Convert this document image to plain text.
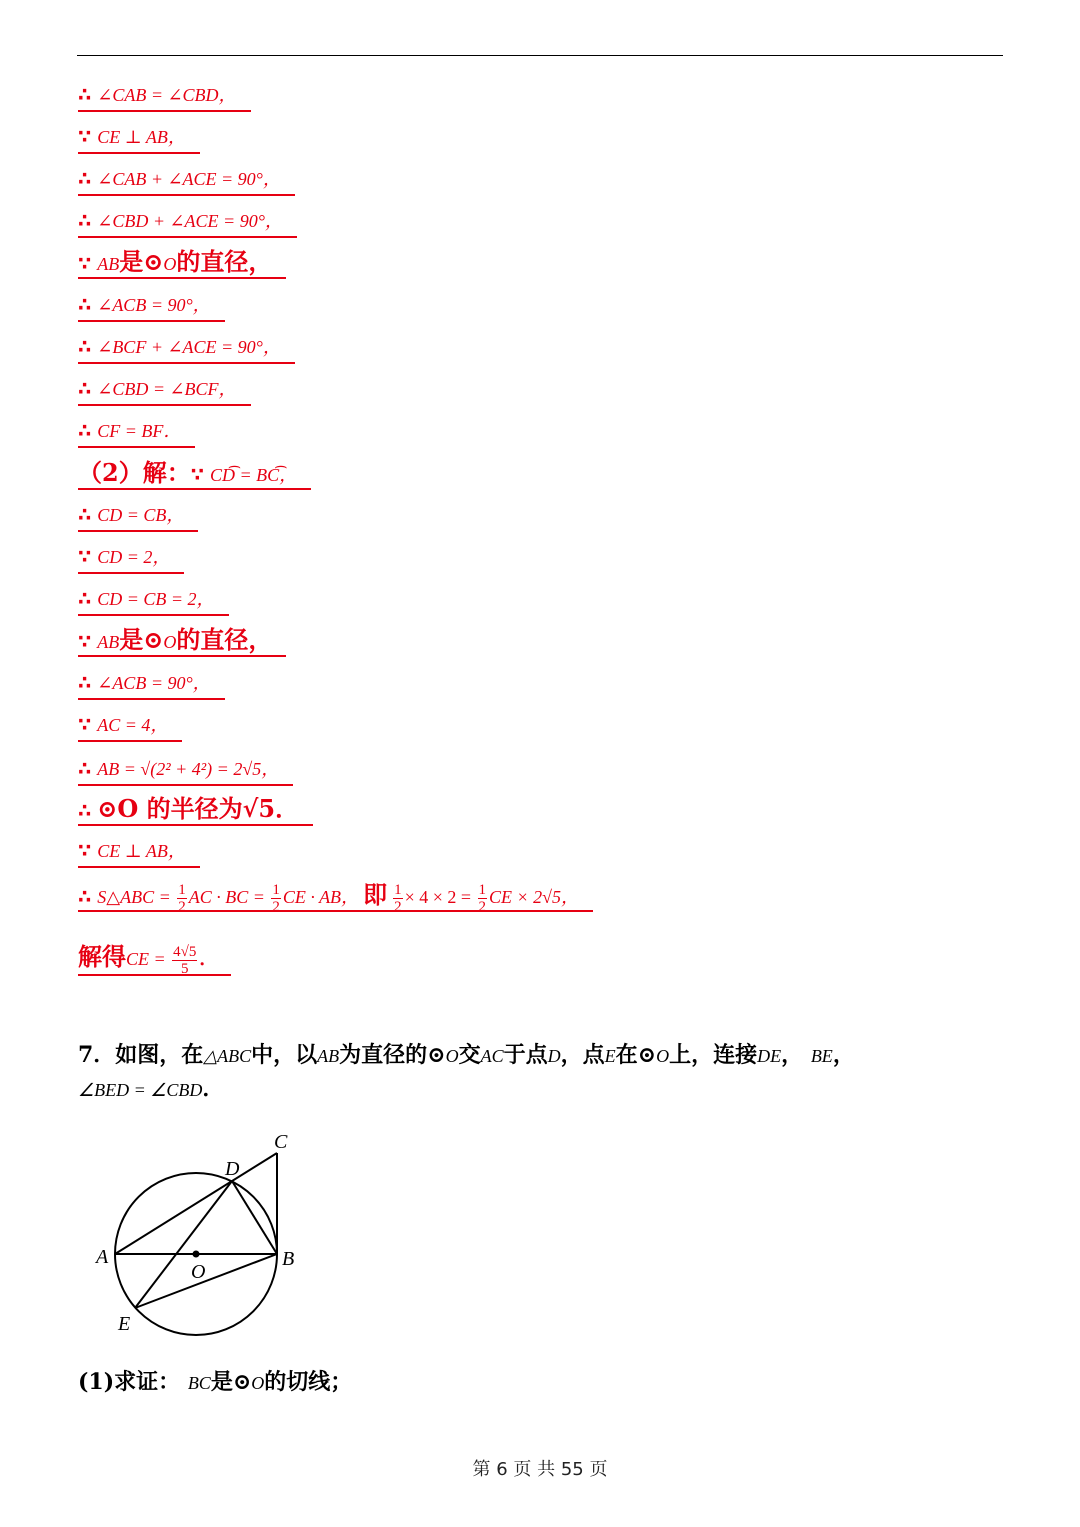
∴ ∠CAB = ∠CBD，
∵ CE ⊥ AB，
∴ ∠CAB + ∠ACE = 90°，
∴ ∠CBD + ∠ACE = 90°，
∵ AB是⊙O的直径，
∴ ∠ACB = 90°，
∴ ∠BCF + ∠ACE = 90°，
∴ ∠CBD = ∠BCF，
∴ CF = BF．
（2）解：∵ CD͡ = BC͡，
∴ CD = CB，
∵ CD = 2，
∴ CD = CB = 2，
∵ AB是⊙O的直径，
∴ ∠ACB = 90°，
∵ AC = 4，
∴ AB = √(2² + 4²) = 2√5，
∴ ⊙O 的半径为√5．
∵ CE ⊥ AB，
∴ S△ABC = $\frac{1}{2}$ AC · BC = $\frac{1}{2}$ CE · AB， 即 $\frac{1}{2} \times 4 \times 2 = \frac{1}{2}$ CE × 2√5，
解得CE = $\frac{4√5}{5}$ ．
7．如图，在△ABC中，以AB为直径的⊙O交AC于点D，点E在⊙O上，连接DE， BE，
∠BED = ∠CBD．
A	B
C
D
E
O
(1)求证： BC是⊙O的切线；
第 6 页 共 55 页
